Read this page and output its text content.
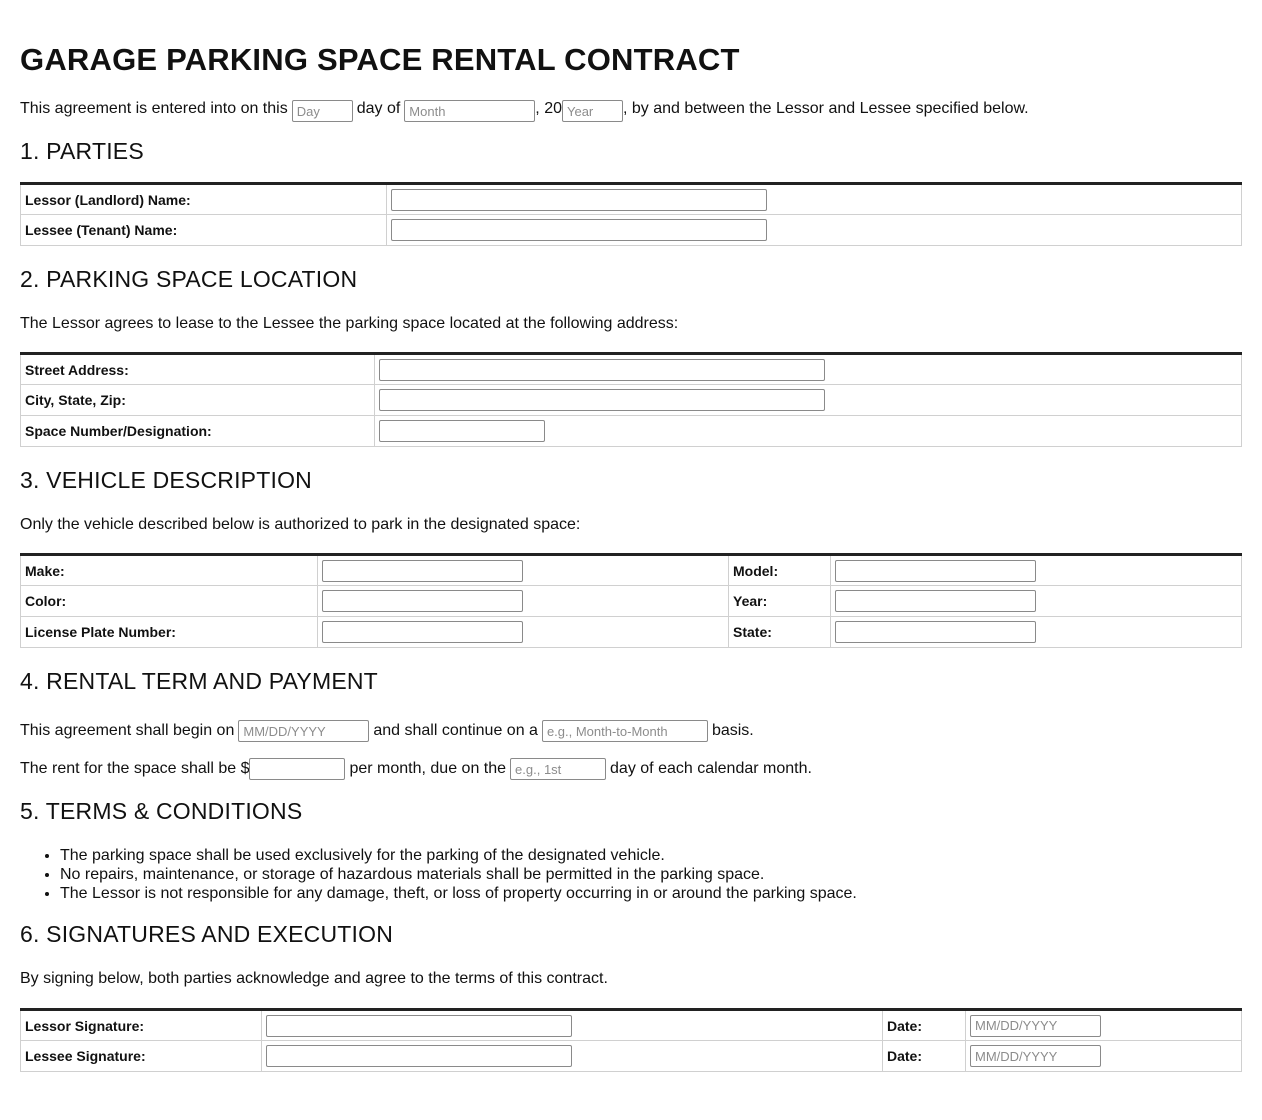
GARAGE PARKING SPACE RENTAL CONTRACT
This agreement is entered into on this
Day	day of
Month	, 20
Year	, by and between the Lessor and Lessee specified below.
1. PARTIES
Lessor (Landlord) Name:	
Lessee (Tenant) Name:	
2. PARKING SPACE LOCATION

The Lessor agrees to lease to the Lessee the parking space located at the following address:

Street Address:	
City, State, Zip:	
Space Number/Designation:	
3. VEHICLE DESCRIPTION

Only the vehicle described below is authorized to park in the designated space:

Make:		Model:	
Color:		Year:	
License Plate Number:		State:	
4. RENTAL TERM AND PAYMENT
This agreement shall begin on
MM/DD/YYYY	and shall continue on a
e.g., Month-to-Month	basis.
The rent for the space shall be $	per month, due on the
e.g., 1st	day of each calendar month.
5. TERMS & CONDITIONS
• The parking space shall be used exclusively for the parking of the designated vehicle.
• No repairs, maintenance, or storage of hazardous materials shall be permitted in the parking space.
• The Lessor is not responsible for any damage, theft, or loss of property occurring in or around the parking space.
6. SIGNATURES AND EXECUTION

By signing below, both parties acknowledge and agree to the terms of this contract.

Lessor Signature:		Date:	MM/DD/YYYY
Lessee Signature:		Date:	MM/DD/YYYY
